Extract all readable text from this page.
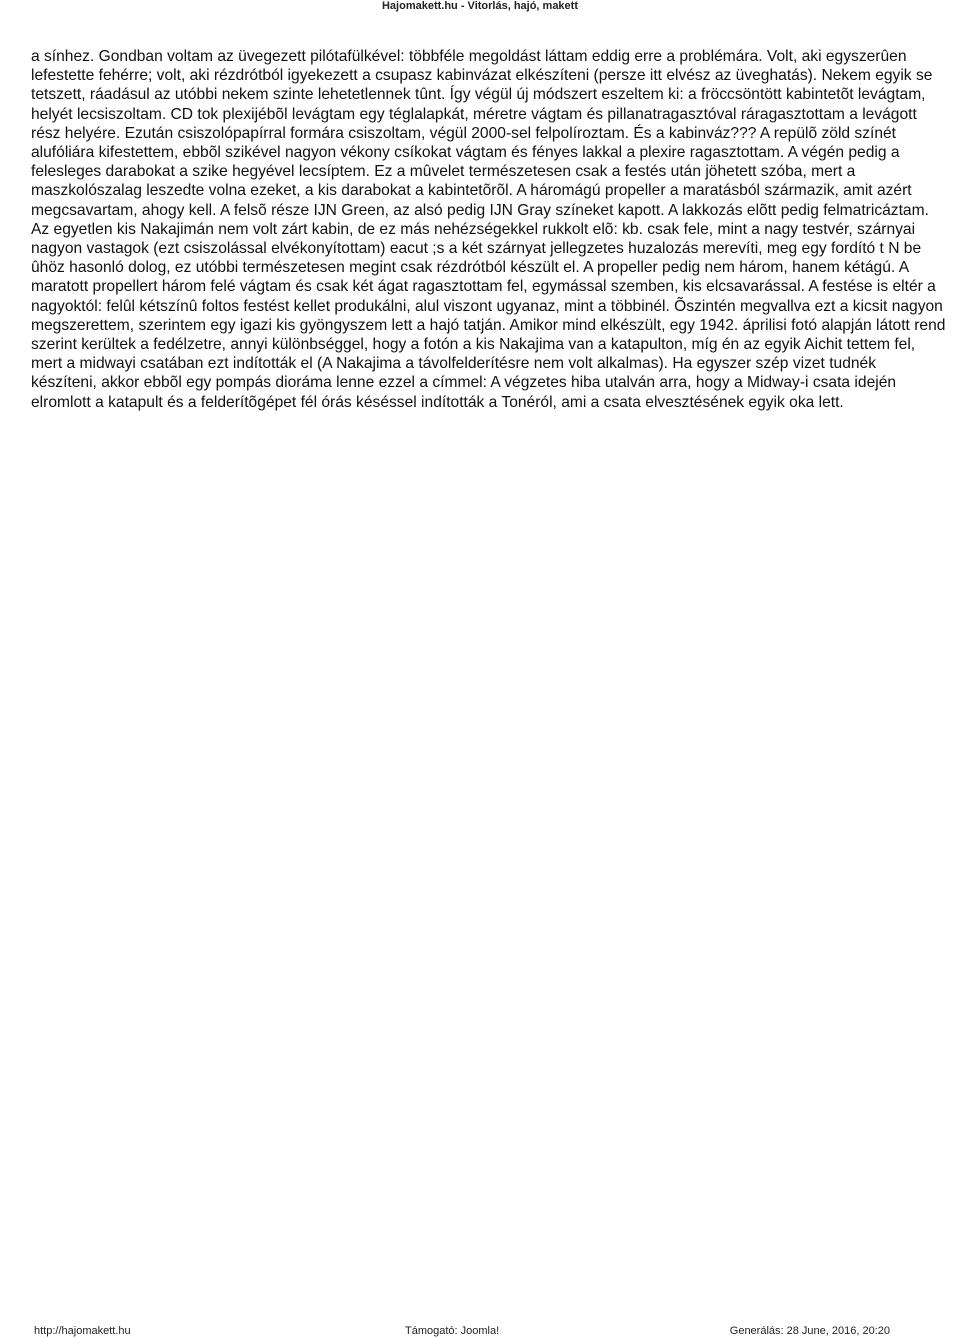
Hajomakett.hu - Vitorlás, hajó, makett

a sínhez. Gondban voltam az üvegezett pilótafülkével: többféle megoldást láttam eddig erre a problémára. Volt, aki egyszerûen lefestette fehérre; volt, aki rézdrótból igyekezett a csupasz kabinvázat elkészíteni (persze itt elvész az üveghatás). Nekem egyik se tetszett, ráadásul az utóbbi nekem szinte lehetetlennek tûnt. Így végül új módszert eszeltem ki: a fröccsöntött kabintetõt levágtam, helyét lecsiszoltam. CD tok plexijébõl levágtam egy téglalapkát, méretre vágtam és pillanatragasztóval ráragasztottam a levágott rész helyére. Ezután csiszolópapírral formára csiszoltam, végül 2000-sel felpolíroztam. És a kabinváz??? A repülõ zöld színét alufóliára kifestettem, ebbõl szikével nagyon vékony csíkokat vágtam és fényes lakkal a plexire ragasztottam. A végén pedig a felesleges darabokat a szike hegyével lecsíptem. Ez a mûvelet természetesen csak a festés után jöhetett szóba, mert a maszkolószalag leszedte volna ezeket, a kis darabokat a kabintetõrõl. A háromágú propeller a maratásból származik, amit azért megcsavartam, ahogy kell. A felsõ része IJN Green, az alsó pedig IJN Gray színeket kapott. A lakkozás elõtt pedig felmatricáztam. Az egyetlen kis Nakajimán nem volt zárt kabin, de ez más nehézségekkel rukkolt elõ: kb. csak fele, mint a nagy testvér, szárnyai nagyon vastagok (ezt csiszolással elvékonyítottam) eacut ;s a két szárnyat jellegzetes huzalozás merevíti, meg egy fordító t N be ûhöz hasonló dolog, ez utóbbi természetesen megint csak rézdrótból készült el. A propeller pedig nem három, hanem kétágú. A maratott propellert három felé vágtam és csak két ágat ragasztottam fel, egymással szemben, kis elcsavarással. A festése is eltér a nagyoktól: felûl kétszínû foltos festést kellet produkálni, alul viszont ugyanaz, mint a többinél. Õszintén megvallva ezt a kicsit nagyon megszerettem, szerintem egy igazi kis gyöngyszem lett a hajó tatján. Amikor mind elkészült, egy 1942. áprilisi fotó alapján látott rend szerint kerültek a fedélzetre, annyi különbséggel, hogy a fotón a kis Nakajima van a katapulton, míg én az egyik Aichit tettem fel, mert a midwayi csatában ezt indították el (A Nakajima a távolfelderítésre nem volt alkalmas). Ha egyszer szép vizet tudnék készíteni, akkor ebbõl egy pompás dioráma lenne ezzel a címmel: A végzetes hiba utalván arra, hogy a Midway-i csata idején elromlott a katapult és a felderítõgépet fél órás késéssel indították a Tonéról, ami a csata elvesztésének egyik oka lett.

http://hajomakett.hu	Támogató: Joomla!	Generálás: 28 June, 2016, 20:20
